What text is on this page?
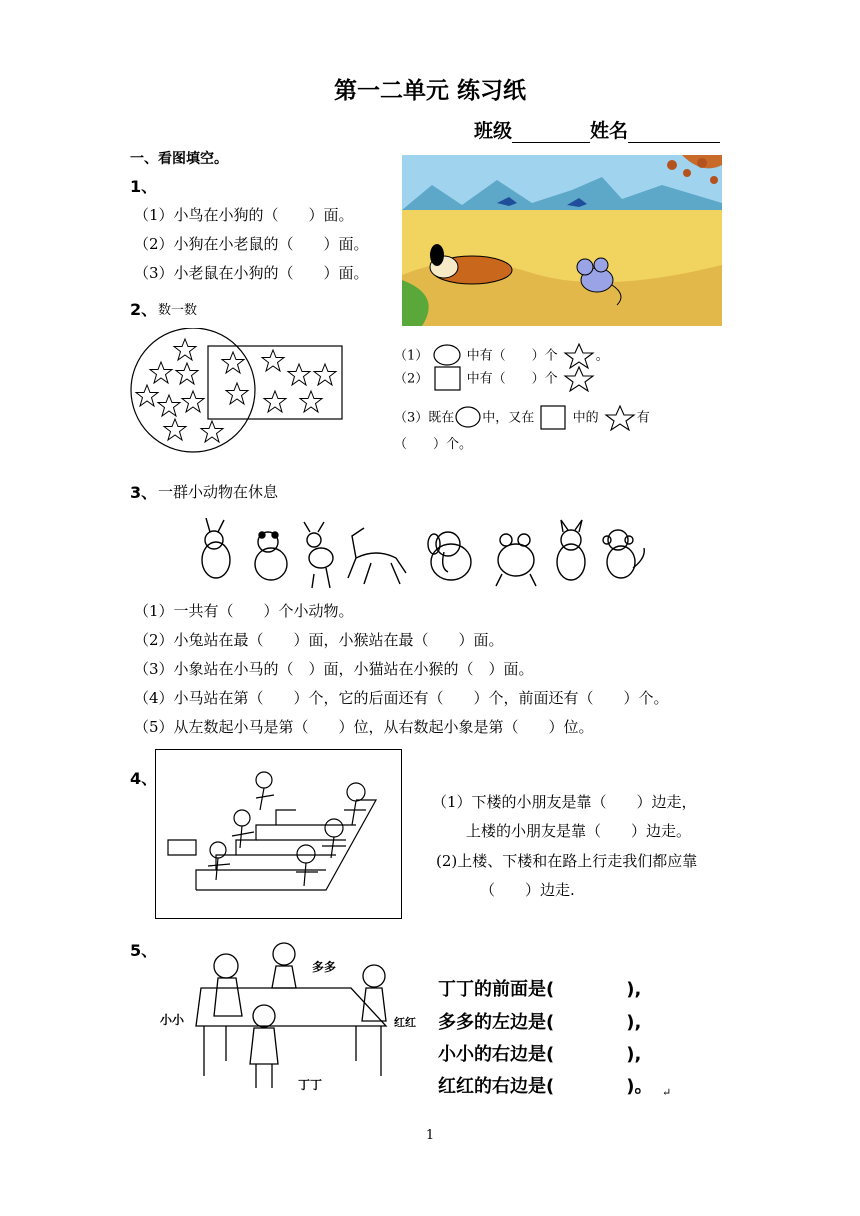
第一二单元 练习纸
班级	姓名
一、看图填空。
1、
（1）小鸟在小狗的（　　）面。
（2）小狗在小老鼠的（　　）面。
（3）小老鼠在小狗的（　　）面。
2、 数一数
（1）	中有（　　）个	。
（2）	中有（　　）个
（3）既在 中，又在	中的	有
（　　）个。
3、 一群小动物在休息
（1）一共有（　　）个小动物。
（2）小兔站在最（　　）面，小猴站在最（　　）面。
（3）小象站在小马的（　）面，小猫站在小猴的（　）面。
（4）小马站在第（　　）个，它的后面还有（　　）个，前面还有（　　）个。
（5）从左数起小马是第（　　）位，从右数起小象是第（　　）位。
4、
（1）下楼的小朋友是靠（　　）边走，
上楼的小朋友是靠（　　）边走。
(2)上楼、下楼和在路上行走我们都应靠
（　　）边走.
5、
多多
小小	红红
丁丁
丁丁的前面是(　　　　),
多多的左边是(　　　　),
小小的右边是(　　　　),
红红的右边是(　　　　)。 ↵
1
